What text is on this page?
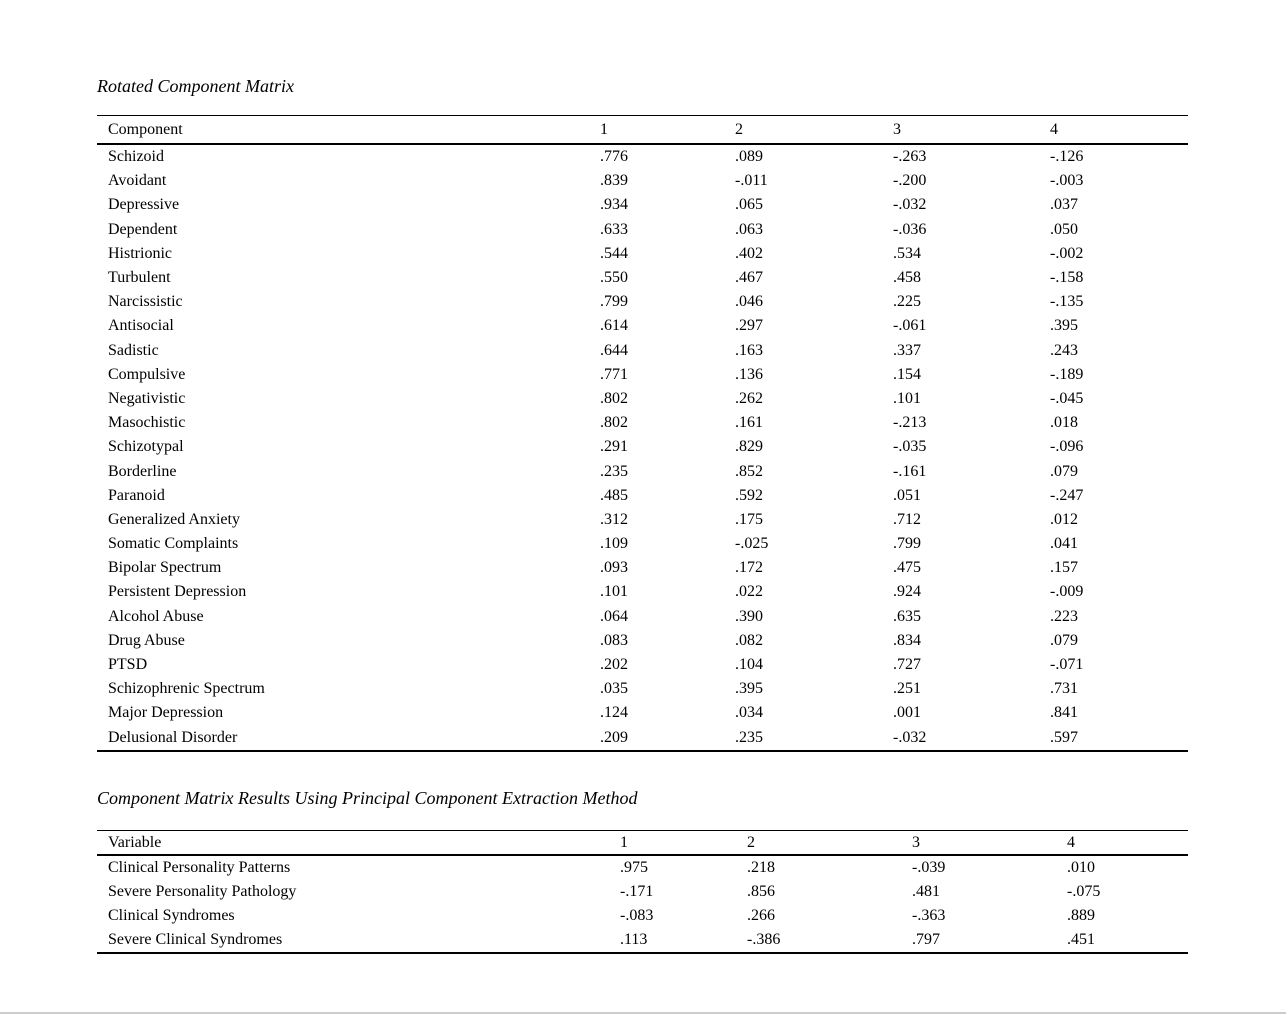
Rotated Component Matrix
Component	1	2	3	4
Schizoid	.776	.089	-.263	-.126
Avoidant	.839	-.011	-.200	-.003
Depressive	.934	.065	-.032	.037
Dependent	.633	.063	-.036	.050
Histrionic	.544	.402	.534	-.002
Turbulent	.550	.467	.458	-.158
Narcissistic	.799	.046	.225	-.135
Antisocial	.614	.297	-.061	.395
Sadistic	.644	.163	.337	.243
Compulsive	.771	.136	.154	-.189
Negativistic	.802	.262	.101	-.045
Masochistic	.802	.161	-.213	.018
Schizotypal	.291	.829	-.035	-.096
Borderline	.235	.852	-.161	.079
Paranoid	.485	.592	.051	-.247
Generalized Anxiety	.312	.175	.712	.012
Somatic Complaints	.109	-.025	.799	.041
Bipolar Spectrum	.093	.172	.475	.157
Persistent Depression	.101	.022	.924	-.009
Alcohol Abuse	.064	.390	.635	.223
Drug Abuse	.083	.082	.834	.079
PTSD	.202	.104	.727	-.071
Schizophrenic Spectrum	.035	.395	.251	.731
Major Depression	.124	.034	.001	.841
Delusional Disorder	.209	.235	-.032	.597
Component Matrix Results Using Principal Component Extraction Method
Variable	1	2	3	4
Clinical Personality Patterns	.975	.218	-.039	.010
Severe Personality Pathology	-.171	.856	.481	-.075
Clinical Syndromes	-.083	.266	-.363	.889
Severe Clinical Syndromes	.113	-.386	.797	.451
